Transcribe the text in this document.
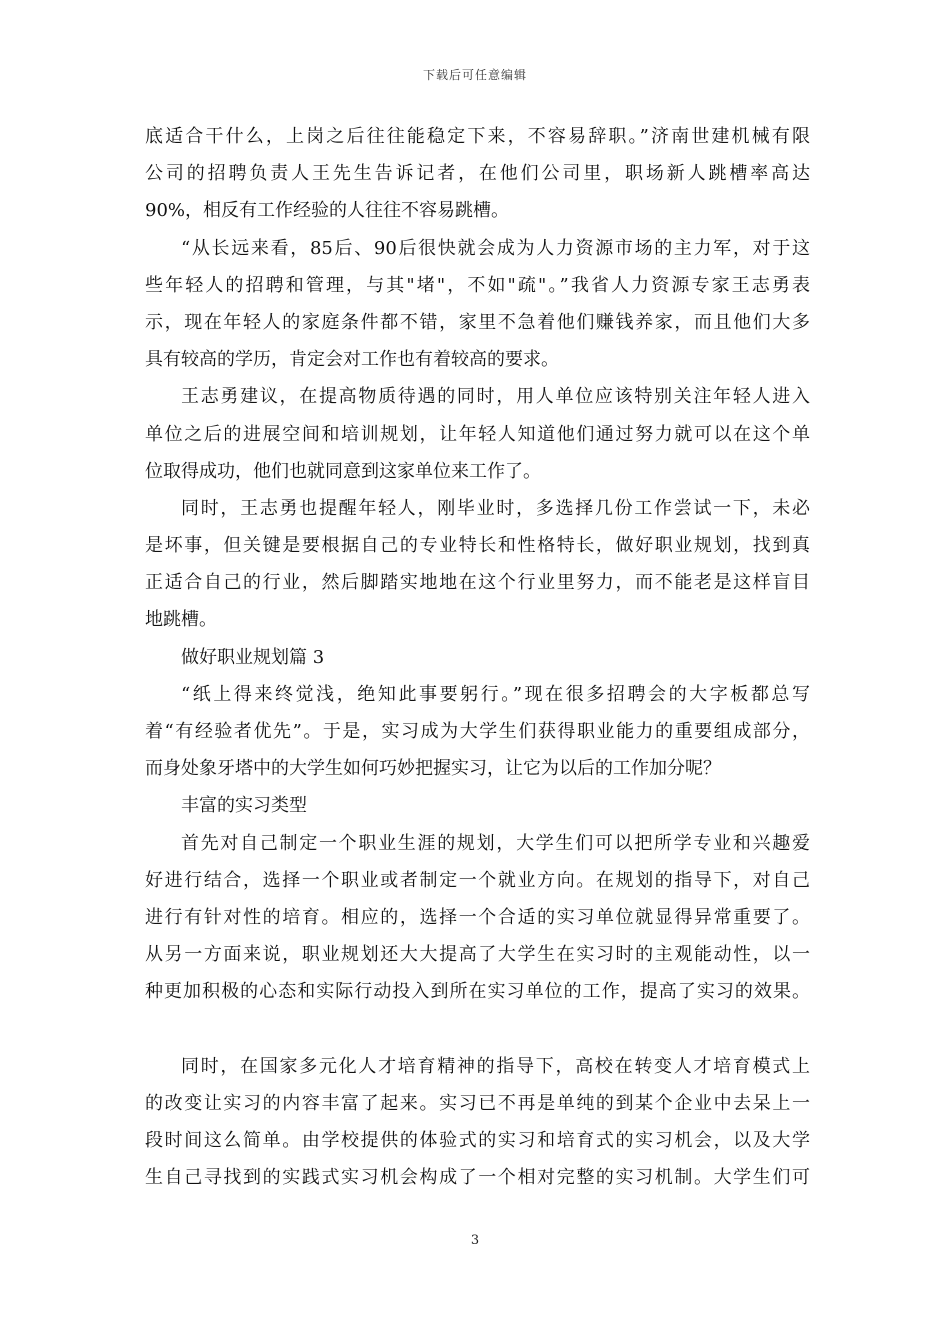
下载后可任意编辑
底适合干什么，上岗之后往往能稳定下来，不容易辞职。”济南世建机械有限
公司的招聘负责人王先生告诉记者，在他们公司里，职场新人跳槽率高达
90%，相反有工作经验的人往往不容易跳槽。
“从长远来看，85后、90后很快就会成为人力资源市场的主力军，对于这
些年轻人的招聘和管理，与其"堵"，不如"疏"。”我省人力资源专家王志勇表
示，现在年轻人的家庭条件都不错，家里不急着他们赚钱养家，而且他们大多
具有较高的学历，肯定会对工作也有着较高的要求。
王志勇建议，在提高物质待遇的同时，用人单位应该特别关注年轻人进入
单位之后的进展空间和培训规划，让年轻人知道他们通过努力就可以在这个单
位取得成功，他们也就同意到这家单位来工作了。
同时，王志勇也提醒年轻人，刚毕业时，多选择几份工作尝试一下，未必
是坏事，但关键是要根据自己的专业特长和性格特长，做好职业规划，找到真
正适合自己的行业，然后脚踏实地地在这个行业里努力，而不能老是这样盲目
地跳槽。
做好职业规划篇 3
“纸上得来终觉浅，绝知此事要躬行。”现在很多招聘会的大字板都总写
着“有经验者优先”。于是，实习成为大学生们获得职业能力的重要组成部分，
而身处象牙塔中的大学生如何巧妙把握实习，让它为以后的工作加分呢？
丰富的实习类型
首先对自己制定一个职业生涯的规划，大学生们可以把所学专业和兴趣爱
好进行结合，选择一个职业或者制定一个就业方向。在规划的指导下，对自己
进行有针对性的培育。相应的，选择一个合适的实习单位就显得异常重要了。
从另一方面来说，职业规划还大大提高了大学生在实习时的主观能动性，以一
种更加积极的心态和实际行动投入到所在实习单位的工作，提高了实习的效果。
同时，在国家多元化人才培育精神的指导下，高校在转变人才培育模式上
的改变让实习的内容丰富了起来。实习已不再是单纯的到某个企业中去呆上一
段时间这么简单。由学校提供的体验式的实习和培育式的实习机会，以及大学
生自己寻找到的实践式实习机会构成了一个相对完整的实习机制。大学生们可
3
